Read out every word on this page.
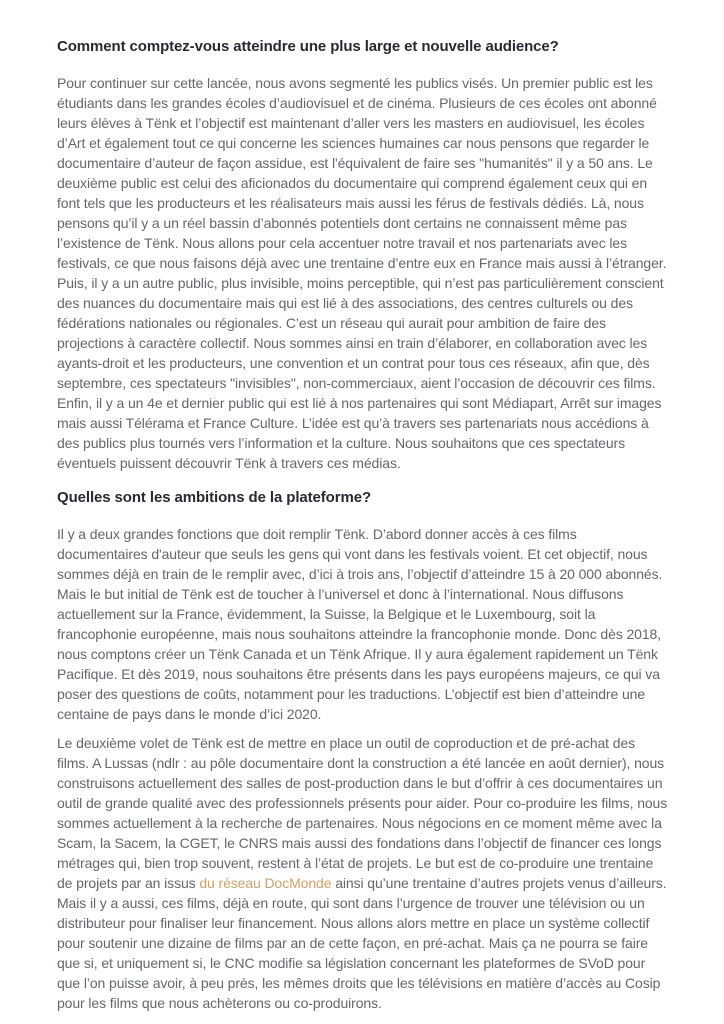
Comment comptez-vous atteindre une plus large et nouvelle audience?

Pour continuer sur cette lancée, nous avons segmenté les publics visés. Un premier public est les étudiants dans les grandes écoles d’audiovisuel et de cinéma. Plusieurs de ces écoles ont abonné leurs élèves à Tënk et l’objectif est maintenant d’aller vers les masters en audiovisuel, les écoles d’Art et également tout ce qui concerne les sciences humaines car nous pensons que regarder le documentaire d’auteur de façon assidue, est l'équivalent de faire ses "humanités" il y a 50 ans. Le deuxième public est celui des aficionados du documentaire qui comprend également ceux qui en font tels que les producteurs et les réalisateurs mais aussi les férus de festivals dédiés. Là, nous pensons qu’il y a un réel bassin d’abonnés potentiels dont certains ne connaissent même pas l’existence de Tënk. Nous allons pour cela accentuer notre travail et nos partenariats avec les festivals, ce que nous faisons déjà avec une trentaine d’entre eux en France mais aussi à l’étranger. Puis, il y a un autre public, plus invisible, moins perceptible, qui n’est pas particulièrement conscient des nuances du documentaire mais qui est lié à des associations, des centres culturels ou des fédérations nationales ou régionales. C’est un réseau qui aurait pour ambition de faire des projections à caractère collectif. Nous sommes ainsi en train d’élaborer, en collaboration avec les ayants-droit et les producteurs, une convention et un contrat pour tous ces réseaux, afin que, dès septembre, ces spectateurs "invisibles", non-commerciaux, aient l’occasion de découvrir ces films. Enfin, il y a un 4e et dernier public qui est lié à nos partenaires qui sont Médiapart, Arrêt sur images mais aussi Télérama et France Culture. L’idée est qu’à travers ses partenariats nous accédions à des publics plus tournés vers l’information et la culture. Nous souhaitons que ces spectateurs éventuels puissent découvrir Tënk à travers ces médias.

Quelles sont les ambitions de la plateforme?

Il y a deux grandes fonctions que doit remplir Tënk. D’abord donner accès à ces films documentaires d'auteur que seuls les gens qui vont dans les festivals voient. Et cet objectif, nous sommes déjà en train de le remplir avec, d’ici à trois ans, l’objectif d’atteindre 15 à 20 000 abonnés. Mais le but initial de Tënk est de toucher à l’universel et donc à l’international. Nous diffusons actuellement sur la France, évidemment, la Suisse, la Belgique et le Luxembourg, soit la francophonie européenne, mais nous souhaitons atteindre la francophonie monde. Donc dès 2018, nous comptons créer un Tënk Canada et un Tënk Afrique. Il y aura également rapidement un Tënk Pacifique. Et dès 2019, nous souhaitons être présents dans les pays européens majeurs, ce qui va poser des questions de coûts, notamment pour les traductions. L’objectif est bien d’atteindre une centaine de pays dans le monde d’ici 2020.

Le deuxième volet de Tënk est de mettre en place un outil de coproduction et de pré-achat des films. A Lussas (ndlr : au pôle documentaire dont la construction a été lancée en août dernier), nous construisons actuellement des salles de post-production dans le but d’offrir à ces documentaires un outil de grande qualité avec des professionnels présents pour aider. Pour co-produire les films, nous sommes actuellement à la recherche de partenaires. Nous négocions en ce moment même avec la Scam, la Sacem, la CGET, le CNRS mais aussi des fondations dans l’objectif de financer ces longs métrages qui, bien trop souvent, restent à l’état de projets. Le but est de co-produire une trentaine de projets par an issus du réseau DocMonde ainsi qu’une trentaine d’autres projets venus d’ailleurs. Mais il y a aussi, ces films, déjà en route, qui sont dans l’urgence de trouver une télévision ou un distributeur pour finaliser leur financement. Nous allons alors mettre en place un système collectif pour soutenir une dizaine de films par an de cette façon, en pré-achat. Mais ça ne pourra se faire que si, et uniquement si, le CNC modifie sa législation concernant les plateformes de SVoD pour que l’on puisse avoir, à peu près, les mêmes droits que les télévisions en matière d’accès au Cosip pour les films que nous achèterons ou co-produirons.
